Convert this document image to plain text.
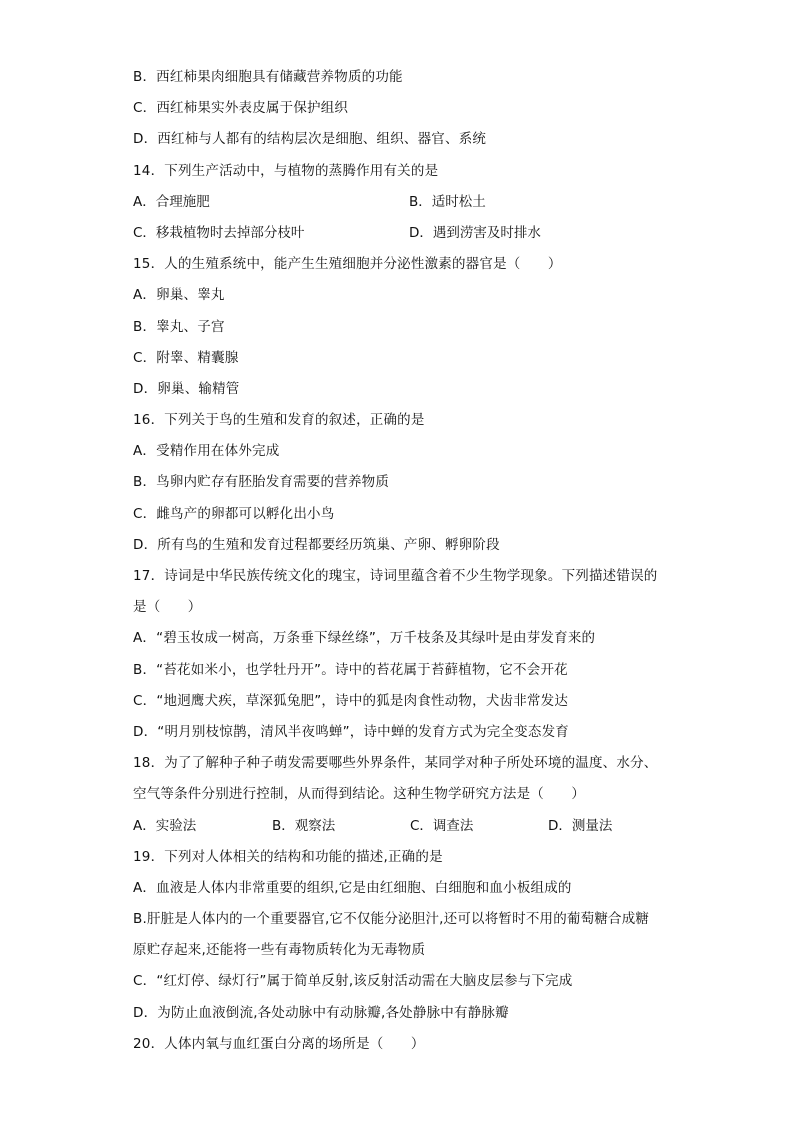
B．西红柿果肉细胞具有储藏营养物质的功能
C．西红柿果实外表皮属于保护组织
D．西红柿与人都有的结构层次是细胞、组织、器官、系统
14．下列生产活动中，与植物的蒸腾作用有关的是
A．合理施肥	B．适时松土
C．移栽植物时去掉部分枝叶	D．遇到涝害及时排水
15．人的生殖系统中，能产生生殖细胞并分泌性激素的器官是（　　）
A．卵巢、睾丸
B．睾丸、子宫
C．附睾、精囊腺
D．卵巢、输精管
16．下列关于鸟的生殖和发育的叙述，正确的是
A．受精作用在体外完成
B．鸟卵内贮存有胚胎发育需要的营养物质
C．雌鸟产的卵都可以孵化出小鸟
D．所有鸟的生殖和发育过程都要经历筑巢、产卵、孵卵阶段
17．诗词是中华民族传统文化的瑰宝，诗词里蕴含着不少生物学现象。下列描述错误的
是（　　）
A．“碧玉妆成一树高，万条垂下绿丝绦”，万千枝条及其绿叶是由芽发育来的
B．“苔花如米小，也学牡丹开”。诗中的苔花属于苔藓植物，它不会开花
C．“地迥鹰犬疾，草深狐兔肥”，诗中的狐是肉食性动物，犬齿非常发达
D．“明月别枝惊鹊，清风半夜鸣蝉”，诗中蝉的发育方式为完全变态发育
18．为了了解种子种子萌发需要哪些外界条件，某同学对种子所处环境的温度、水分、
空气等条件分别进行控制，从而得到结论。这种生物学研究方法是（　　）
A．实验法	B．观察法	C．调查法	D．测量法
19．下列对人体相关的结构和功能的描述,正确的是
A．血液是人体内非常重要的组织,它是由红细胞、白细胞和血小板组成的
B.肝脏是人体内的一个重要器官,它不仅能分泌胆汁,还可以将暂时不用的葡萄糖合成糖
原贮存起来,还能将一些有毒物质转化为无毒物质
C．“红灯停、绿灯行”属于简单反射,该反射活动需在大脑皮层参与下完成
D．为防止血液倒流,各处动脉中有动脉瓣,各处静脉中有静脉瓣
20．人体内氧与血红蛋白分离的场所是（　　）
